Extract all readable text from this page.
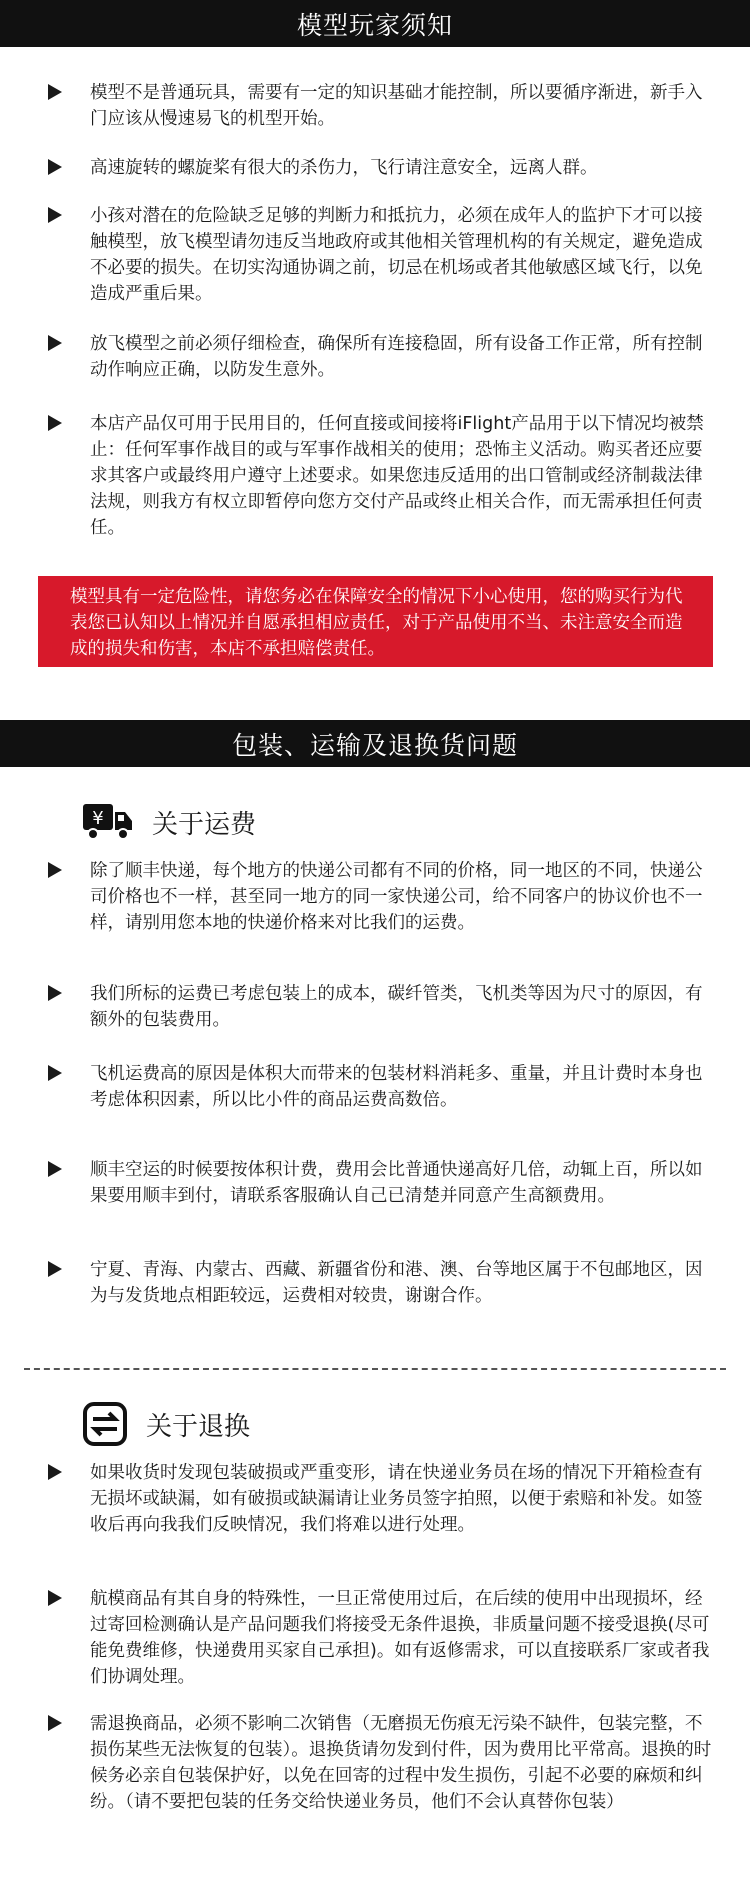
模型玩家须知

模型不是普通玩具，需要有一定的知识基础才能控制，所以要循序渐进，新手入门应该从慢速易飞的机型开始。

高速旋转的螺旋桨有很大的杀伤力，飞行请注意安全，远离人群。

小孩对潜在的危险缺乏足够的判断力和抵抗力，必须在成年人的监护下才可以接触模型，放飞模型请勿违反当地政府或其他相关管理机构的有关规定，避免造成不必要的损失。在切实沟通协调之前，切忌在机场或者其他敏感区域飞行，以免造成严重后果。

放飞模型之前必须仔细检查，确保所有连接稳固，所有设备工作正常，所有控制动作响应正确，以防发生意外。

本店产品仅可用于民用目的，任何直接或间接将iFlight产品用于以下情况均被禁止：任何军事作战目的或与军事作战相关的使用；恐怖主义活动。购买者还应要求其客户或最终用户遵守上述要求。如果您违反适用的出口管制或经济制裁法律法规，则我方有权立即暂停向您方交付产品或终止相关合作，而无需承担任何责任。

模型具有一定危险性，请您务必在保障安全的情况下小心使用，您的购买行为代表您已认知以上情况并自愿承担相应责任，对于产品使用不当、未注意安全而造成的损失和伤害，本店不承担赔偿责任。
包装、运输及退换货问题
¥ 关于运费

除了顺丰快递，每个地方的快递公司都有不同的价格，同一地区的不同，快递公司价格也不一样，甚至同一地方的同一家快递公司，给不同客户的协议价也不一样，请别用您本地的快递价格来对比我们的运费。

我们所标的运费已考虑包装上的成本，碳纤管类，飞机类等因为尺寸的原因，有额外的包装费用。

飞机运费高的原因是体积大而带来的包装材料消耗多、重量，并且计费时本身也考虑体积因素，所以比小件的商品运费高数倍。

顺丰空运的时候要按体积计费，费用会比普通快递高好几倍，动辄上百，所以如果要用顺丰到付，请联系客服确认自己已清楚并同意产生高额费用。

宁夏、青海、内蒙古、西藏、新疆省份和港、澳、台等地区属于不包邮地区，因为与发货地点相距较远，运费相对较贵，谢谢合作。

关于退换

如果收货时发现包装破损或严重变形，请在快递业务员在场的情况下开箱检查有无损坏或缺漏，如有破损或缺漏请让业务员签字拍照，以便于索赔和补发。如签收后再向我我们反映情况，我们将难以进行处理。

航模商品有其自身的特殊性，一旦正常使用过后，在后续的使用中出现损坏，经过寄回检测确认是产品问题我们将接受无条件退换，非质量问题不接受退换(尽可能免费维修，快递费用买家自己承担)。如有返修需求，可以直接联系厂家或者我们协调处理。

需退换商品，必须不影响二次销售（无磨损无伤痕无污染不缺件，包装完整，不损伤某些无法恢复的包装）。退换货请勿发到付件，因为费用比平常高。退换的时候务必亲自包装保护好，以免在回寄的过程中发生损伤，引起不必要的麻烦和纠纷。（请不要把包装的任务交给快递业务员，他们不会认真替你包装）
